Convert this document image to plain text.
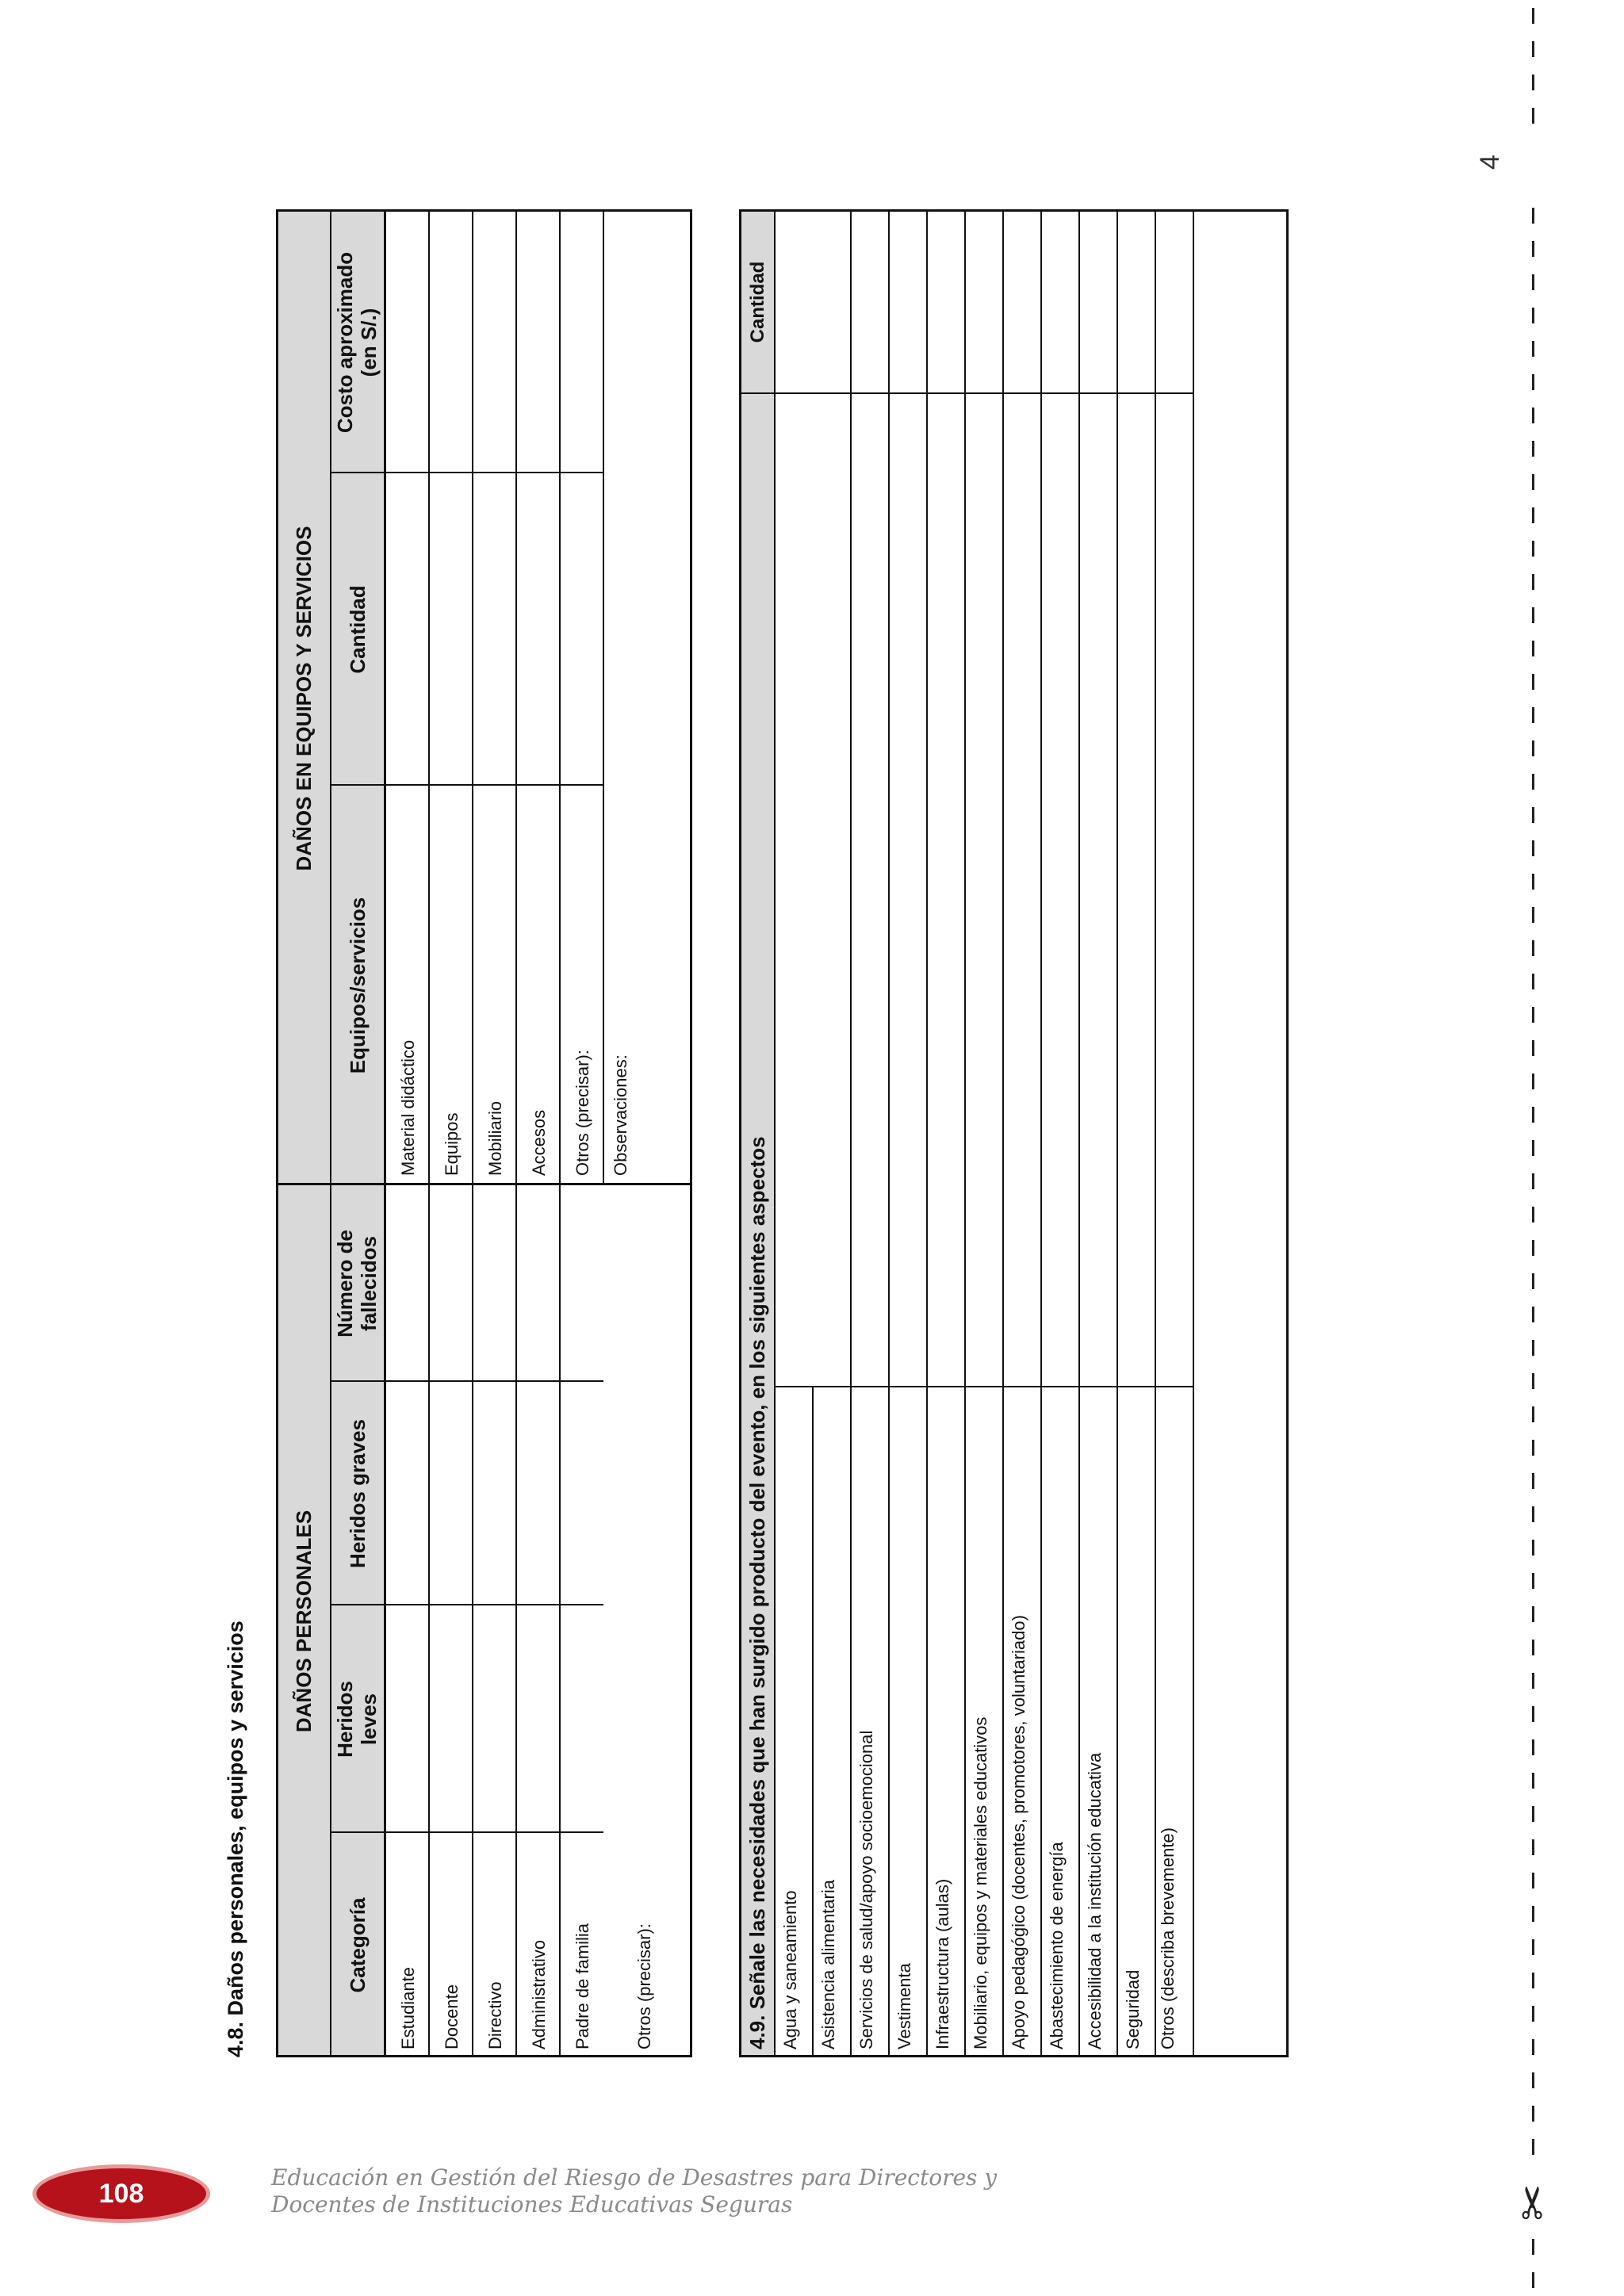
4
✂
4.8. Daños personales, equipos y servicios DAÑOS PERSONALES
DAÑOS EN EQUIPOS Y SERVICIOS
Categoría
Heridos leves
Heridos graves
Número de fallecidos
Equipos/servicios
Cantidad
Costo aproximado (en S/.)
Estudiante Docente Directivo Administrativo Padre de familia Otros (precisar):
Material didáctico Equipos Mobiliario Accesos Otros (precisar): Observaciones:
4.9. Señale las necesidades que han surgido producto del evento, en los siguientes aspectos
Cantidad
Agua y saneamiento Asistencia alimentaria Servicios de salud/apoyo socioemocional Vestimenta Infraestructura (aulas) Mobiliario, equipos y materiales educativos Apoyo pedagógico (docentes, promotores, voluntariado) Abastecimiento de energía Accesibilidad a la institución educativa Seguridad Otros (describa brevemente)
108
Educación en Gestión del Riesgo de Desastres para Directores y
Docentes de Instituciones Educativas Seguras
